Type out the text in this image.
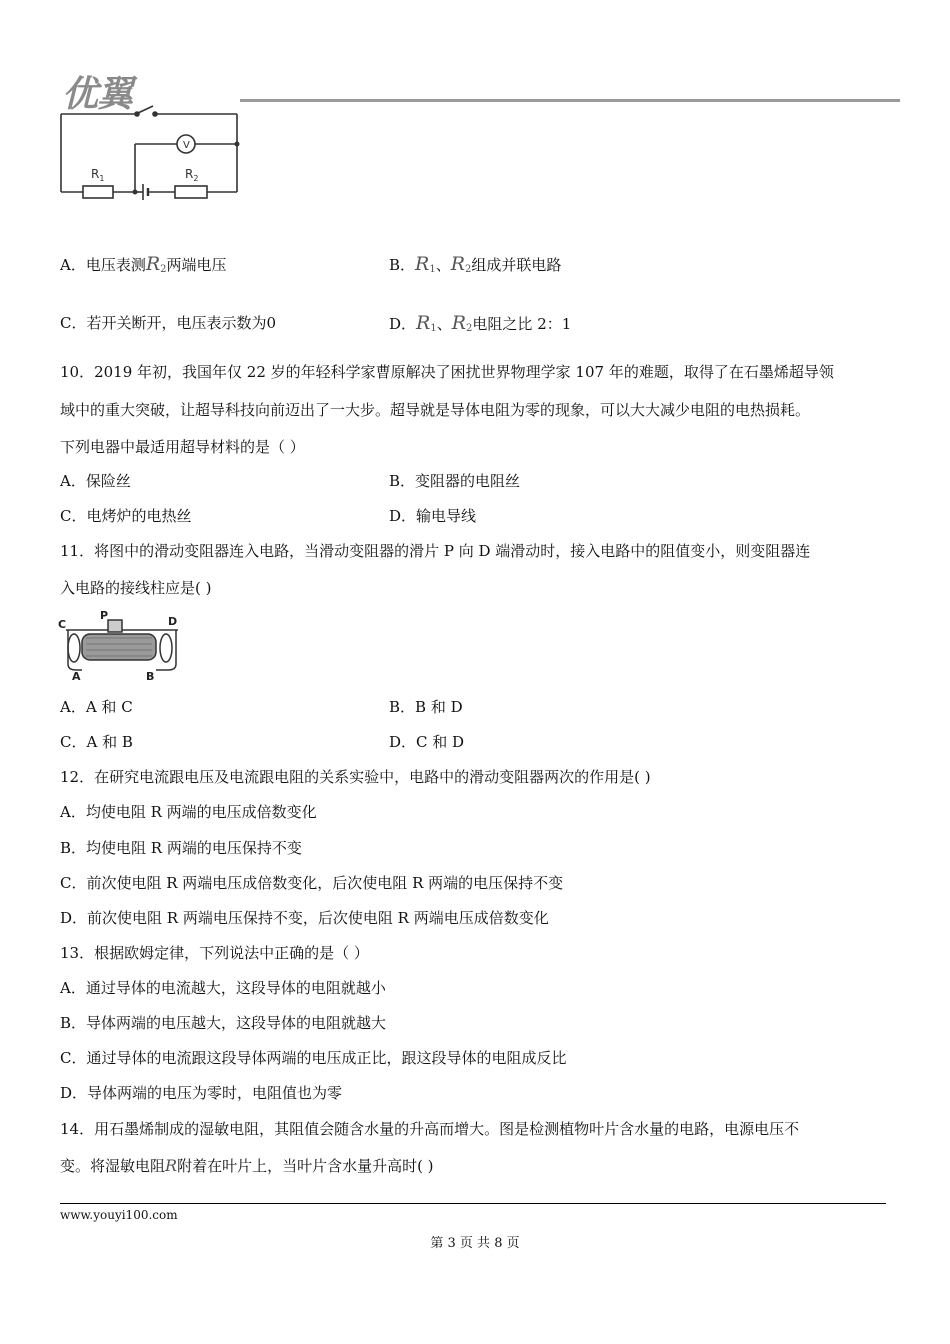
优翼
V
$R_1$	$R_2$
A．电压表测$R_2$两端电压	B．$R_1$、$R_2$组成并联电路
C．若开关断开，电压表示数为0	D．$R_1$、$R_2$电阻之比 2：1
10．2019 年初，我国年仅 22 岁的年轻科学家曹原解决了困扰世界物理学家 107 年的难题，取得了在石墨烯超导领
域中的重大突破，让超导科技向前迈出了一大步。超导就是导体电阻为零的现象，可以大大减少电阻的电热损耗。
下列电器中最适用超导材料的是（ ）
A．保险丝	B．变阻器的电阻丝
C．电烤炉的电热丝	D．输电导线
11．将图中的滑动变阻器连入电路，当滑动变阻器的滑片 P 向 D 端滑动时，接入电路中的阻值变小，则变阻器连
入电路的接线柱应是( )
C
P	D
A	B
A．A 和 C	B．B 和 D
C．A 和 B	D．C 和 D
12．在研究电流跟电压及电流跟电阻的关系实验中，电路中的滑动变阻器两次的作用是( )
A．均使电阻 R 两端的电压成倍数变化
B．均使电阻 R 两端的电压保持不变
C．前次使电阻 R 两端电压成倍数变化，后次使电阻 R 两端的电压保持不变
D．前次使电阻 R 两端电压保持不变，后次使电阻 R 两端电压成倍数变化
13．根据欧姆定律，下列说法中正确的是（ ）
A．通过导体的电流越大，这段导体的电阻就越小
B．导体两端的电压越大，这段导体的电阻就越大
C．通过导体的电流跟这段导体两端的电压成正比，跟这段导体的电阻成反比
D．导体两端的电压为零时，电阻值也为零
14．用石墨烯制成的湿敏电阻，其阻值会随含水量的升高而增大。图是检测植物叶片含水量的电路，电源电压不
变。将湿敏电阻R附着在叶片上，当叶片含水量升高时( )
www.youyi100.com
第 3 页 共 8 页
